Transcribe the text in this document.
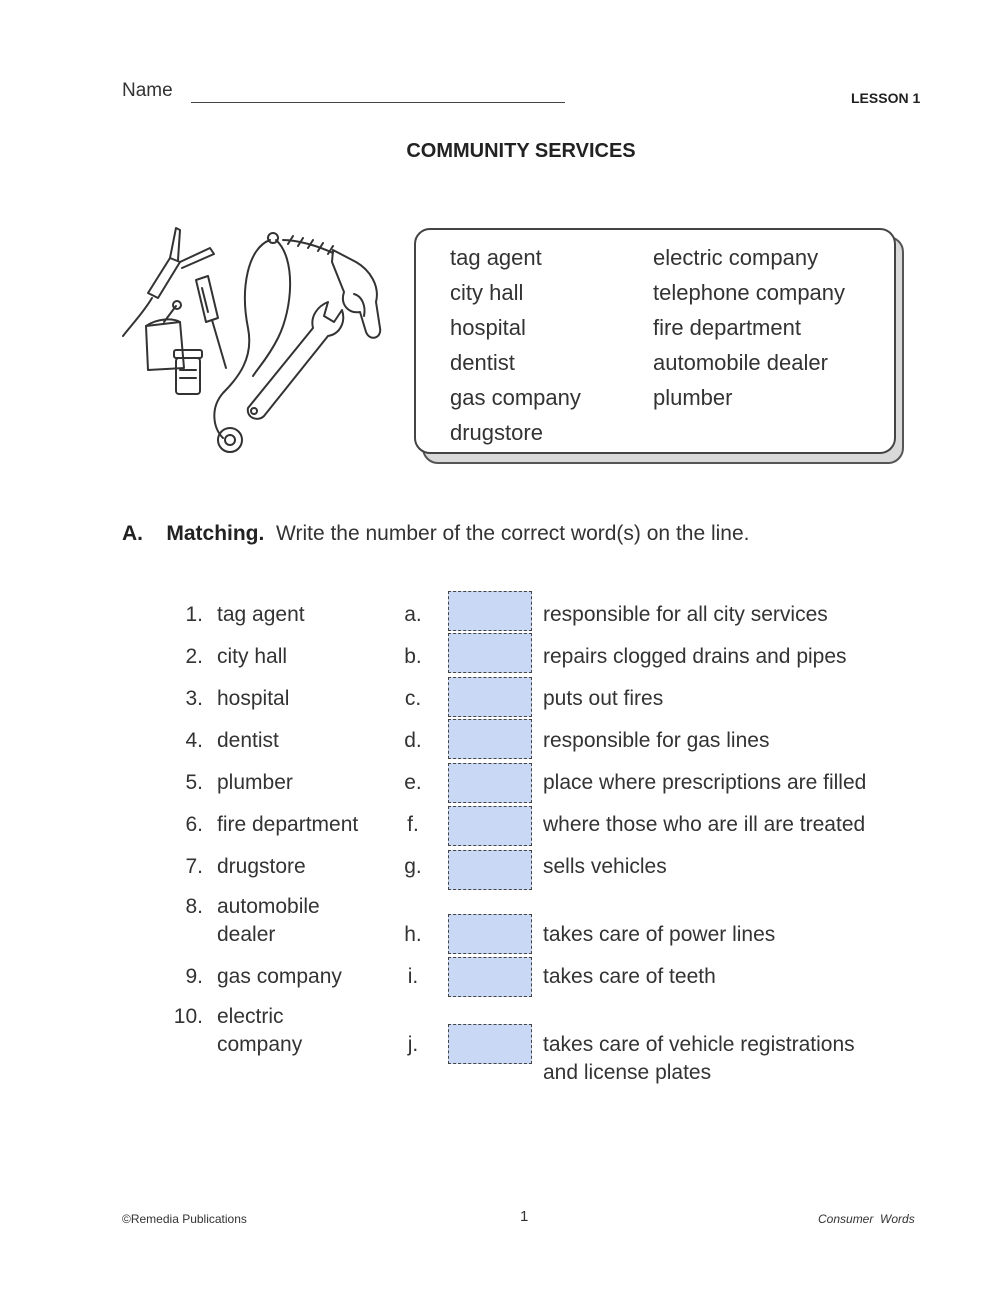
Name	LESSON 1
COMMUNITY SERVICES
tag agent
city hall
hospital
dentist
gas company
drugstore
electric company
telephone company
fire department
automobile dealer
plumber
A. Matching. Write the number of the correct word(s) on the line.
1. tag agent	a.	responsible for all city services
2. city hall	b.	repairs clogged drains and pipes
3. hospital	c.	puts out fires
4. dentist	d.	responsible for gas lines
5. plumber	e.	place where prescriptions are filled
6. fire department	f.	where those who are ill are treated
7. drugstore	g.	sells vehicles
8. automobile
dealer	h.	takes care of power lines
9. gas company	i.	takes care of teeth
10. electric
company	j.	takes care of vehicle registrations
and license plates
©Remedia Publications	1	Consumer  Words
